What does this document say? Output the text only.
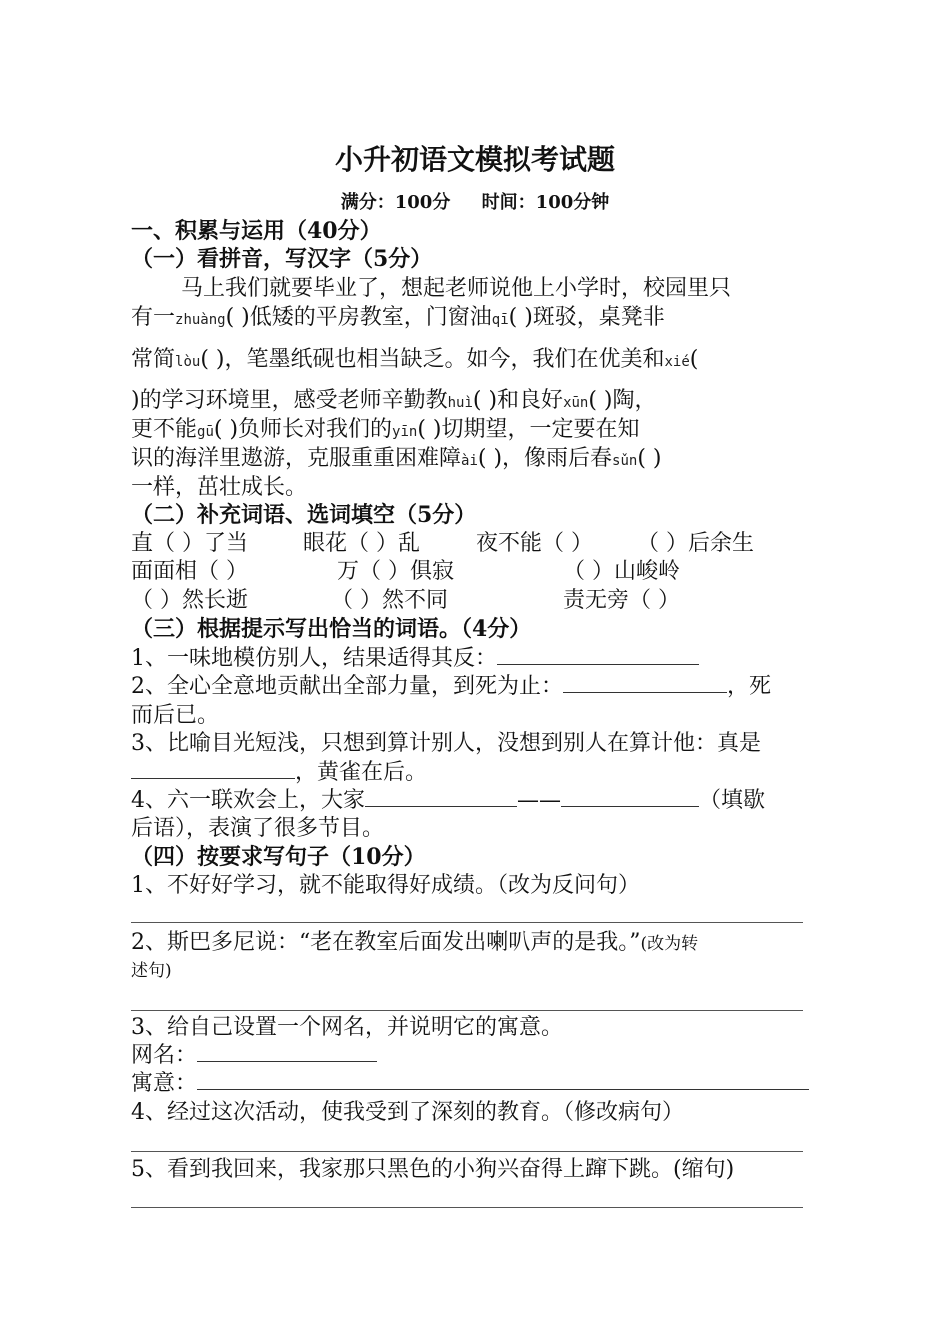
小升初语文模拟考试题
满分：100分 时间：100分钟
一、积累与运用（40分）
（一）看拼音，写汉字（5分）
马上我们就要毕业了，想起老师说他上小学时，校园里只
有一zhuàng( )低矮的平房教室，门窗油qī( )斑驳，桌凳非
常简lòu( )，笔墨纸砚也相当缺乏。如今，我们在优美和xié(
)的学习环境里，感受老师辛勤教huì( )和良好xūn( )陶，
更不能gū( )负师长对我们的yīn( )切期望，一定要在知
识的海洋里遨游，克服重重困难障ài( )，像雨后春sǔn( )
一样，茁壮成长。
（二）补充词语、选词填空（5分）
直（ ）了当	眼花（ ）乱	夜不能（ ） （ ）后余生
面面相（ ）	万（ ）俱寂	（ ）山峻岭
（ ）然长逝	（ ）然不同	责无旁（ ）
（三）根据提示写出恰当的词语。（4分）
1、一味地模仿别人，结果适得其反：
2、全心全意地贡献出全部力量，到死为止：	，死
而后已。
3、比喻目光短浅，只想到算计别人，没想到别人在算计他：真是
，黄雀在后。
4、六一联欢会上，大家	——	（填歇
后语），表演了很多节目。
（四）按要求写句子（10分）
1、不好好学习，就不能取得好成绩。（改为反问句）
2、斯巴多尼说：“老在教室后面发出喇叭声的是我。”(改为转
述句)
3、给自己设置一个网名，并说明它的寓意。
网名：
寓意：
4、经过这次活动，使我受到了深刻的教育。（修改病句）
5、看到我回来，我家那只黑色的小狗兴奋得上蹿下跳。(缩句)
